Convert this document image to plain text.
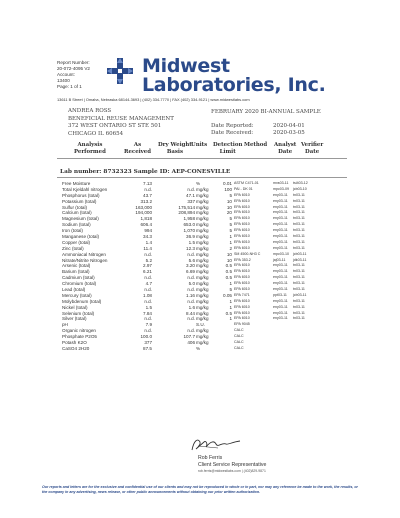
Report Number:
20-072-4095 V2
Account:
13400
Page: 1 of 1
Midwest
Laboratories, Inc.
13611 B Street | Omaha, Nebraska 68144-3693 | (402) 334-7770 | FAX (402) 334-9121 | www.midwestlabs.com
ANDREA ROSS
BENEFICIAL REUSE MANAGEMENT
372 WEST ONTARIO ST STE 501
CHICAGO IL 60654
FEBRUARY 2020 BI-ANNUAL SAMPLE
Date Reported:	2020-04-01
Date Received:	2020-03-05
Analysis
Performed
As
Received
Dry Weight
Basis
Units Detection
Limit
Method Analyst
Date
Verifier
Date
Lab number: 8732323 Sample ID: AEP-CONESVILLE
Free Moisture	7.13	%	0.01 ASTM C471-01	mxs03-11 tsi403-12
Total Kjeldahl nitrogen	n.d.	n.d. mg/kg	100 PAI - DK 01	mpc03-09 jcb03-10
Phosphorus (total)	43.7	47.1 mg/kg	5 EPA 6010	eny03-11 tn03-11
Potassium (total)	313.2	337 mg/kg	10 EPA 6010	eny03-11 tn03-11
Sulfur (total)	163,000	175,514 mg/kg	10 EPA 6010	eny03-11 tn03-11
Calcium (total)	194,000	208,894 mg/kg	20 EPA 6010	eny03-11 tn03-11
Magnesium (total)	1,818	1,958 mg/kg	5 EPA 6010	eny03-11 tn03-11
Sodium (total)	606.4	653.0 mg/kg	5 EPA 6010	eny03-11 tn03-11
Iron (total)	994	1,070 mg/kg	5 EPA 6010	eny03-11 tn03-11
Manganese (total)	34.3	36.9 mg/kg	1 EPA 6010	eny03-11 tn03-11
Copper (total)	1.4	1.5 mg/kg	1 EPA 6010	eny03-11 tn03-11
Zinc (total)	11.4	12.3 mg/kg	2 EPA 6010	eny03-11 tn03-11
Ammoniacal Nitrogen	n.d.	n.d. mg/kg	10 SM 4500-NH3 C	mpc03-10 jcb03-11
Nitrate/Nitrite Nitrogen	5.2	5.6 mg/kg	10 EPA 353.2	jaj03-11 jdk03-11
Arsenic (total)	2.97	3.20 mg/kg	0.5 EPA 6010	eny03-11 tn03-11
Barium (total)	6.21	6.69 mg/kg	0.5 EPA 6010	eny03-11 tn03-11
Cadmium (total)	n.d.	n.d. mg/kg	0.5 EPA 6010	eny03-11 tn03-11
Chromium (total)	4.7	5.0 mg/kg	1 EPA 6010	eny03-11 tn03-11
Lead (total)	n.d.	n.d. mg/kg	5 EPA 6010	eny03-11 tn03-11
Mercury (total)	1.08	1.16 mg/kg	0.05 EPA 7471	ppt03-11 jcb03-11
Molybdenum (total)	n.d.	n.d. mg/kg	1 EPA 6010	eny03-11 tn03-11
Nickel (total)	1.5	1.6 mg/kg	1 EPA 6010	eny03-11 tn03-11
Selenium (total)	7.84	8.44 mg/kg	0.5 EPA 6010	eny03-11 tn03-11
Silver (total)	n.d.	n.d. mg/kg	1 EPA 6010	eny03-11 tn03-11
pH	7.9	S.U.	EPA 9045
Organic nitrogen	n.d.	n.d. mg/kg	CALC
Phosphate P2O5	100.0	107.7 mg/kg	CALC
Potash K2O	377	406 mg/kg	CALC
CaSO4 2H20	87.5	%	CALC
Rob Ferris
Client Service Representative
rob.ferris@midwestlabs.com | (402)829-9871
Our reports and letters are for the exclusive and confidential use of our clients and may not be reproduced in whole or in part, nor may any reference be made to the work, the results, or the company in any advertising, news release, or other public announcements without obtaining our prior written authorization.
